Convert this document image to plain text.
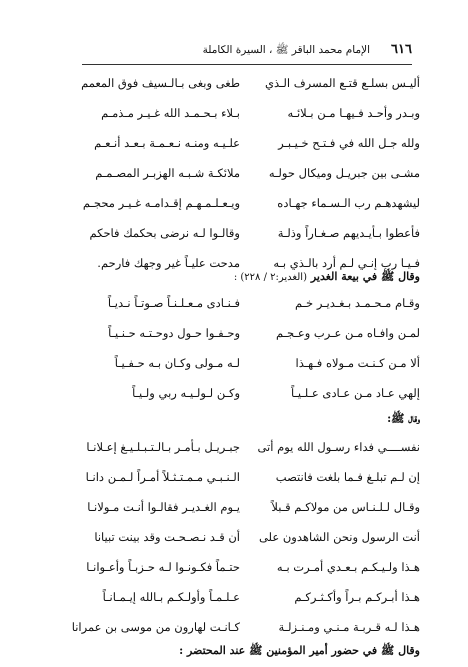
٦١٦
الإمام محمد الباقر ﷺ ، السيرة الكاملة
أليـس بسلـع قتـع المسرف الـذي
طغى وبغى بـالـسيف فوق المعمم
وبـدر وأحـد فـيهـا مـن بـلائـه
بـلاء بـحـمـد الله غـيـر مـذمـم
ولله جـل الله في فـتـح خـيـبـر
علـيـه ومنـه نـعـمـة بـعـد أنـعـم
مشـى بين جبريـل وميكال حولـه
ملائكـة شـبـه الهزبـر المصـمـم
ليشهدهـم رب الـسـماء جهـاده
ويـعـلـمـهـم إقـدامـه غـيـر محجـم
فأعطوا بـأيـديهم صـغـاراً وذلـة
وقالـوا لـه نرضى بحكمك فاحكم
فـيـا رب إنـي لـم أرد بالـذي بـه
مدحت عليـاً غير وجهك فارحم.
وقال ﷺ في بيعة الغدير (الغدير:٢ / ٢٢٨) :
وقـام مـحـمـد بـغـديـر خـم
فـنـادى مـعـلـنـاً صـوتـاً نـديـاً
لمـن وافـاه مـن عـرب وعـجـم
وحـفـوا حـول دوحـتـه حـنـيـاً
ألا مـن كـنـت مـولاه فـهـذا
لـه مـولى وكـان بـه حـفـيـاً
إلهي عـاد مـن عـادى عـلـيـاً
وكـن لـولـيـه ربي ولـيـاً
وقال ﷺ:
نفســــي فداء رسـول الله يوم أتى
جبـريـل بـأمـر بـالـتـبـلـيـغ إعـلانـا
إن لـم تبلـغ فـما بلغت فانتصب
الـنـبـي مـمـتـثـلاً أمـراً لـمـن دانـا
وقـال لـلـنـاس من مولاكـم قـبلاً
يـوم الغـديـر فقالـوا أنـت مـولانـا
أنت الرسول ونحن الشاهدون على
أن قـد نـصـحـت وقد بينت تبيانا
هـذا ولـيـكـم بـعـدي أمـرت بـه
حتـماً فكـونـوا لـه حـزبـاً وأعـوانـا
هـذا أبـركـم بـراً وأكـثـركـم
عـلـمـاً وأولـكـم بـالله إيـمـانـاً
هـذا لـه قـربـة مـنـي ومـنـزلـة
كـانـت لهارون من موسى بن عمرانا
وقال ﷺ في حضور أمير المؤمنين ﷺ عند المحتضر :
